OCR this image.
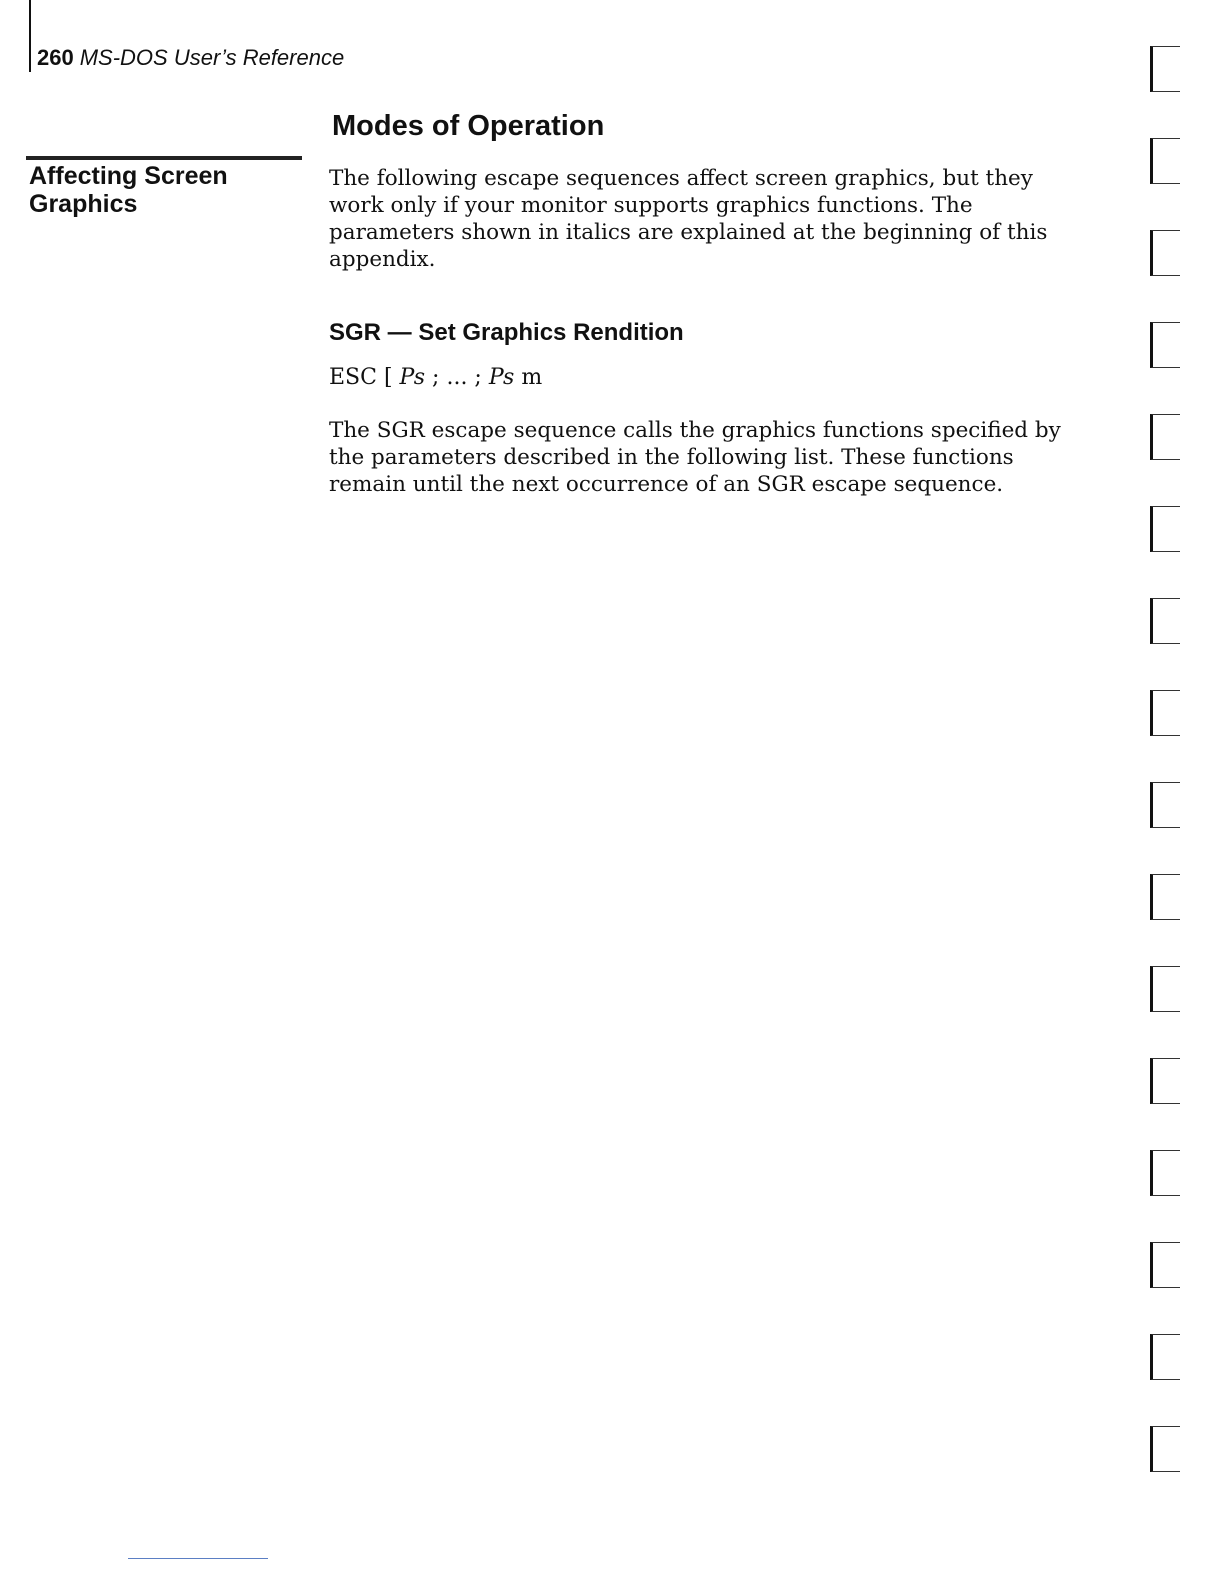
260 MS-DOS User’s Reference
Affecting Screen Graphics
Modes of Operation

The following escape sequences affect screen graphics, but they work only if your monitor supports graphics functions. The parameters shown in italics are explained at the beginning of this appendix.

SGR — Set Graphics Rendition
ESC [ Ps ; ... ; Ps m

The SGR escape sequence calls the graphics functions specified by the parameters described in the following list. These functions remain until the next occurrence of an SGR escape sequence.
